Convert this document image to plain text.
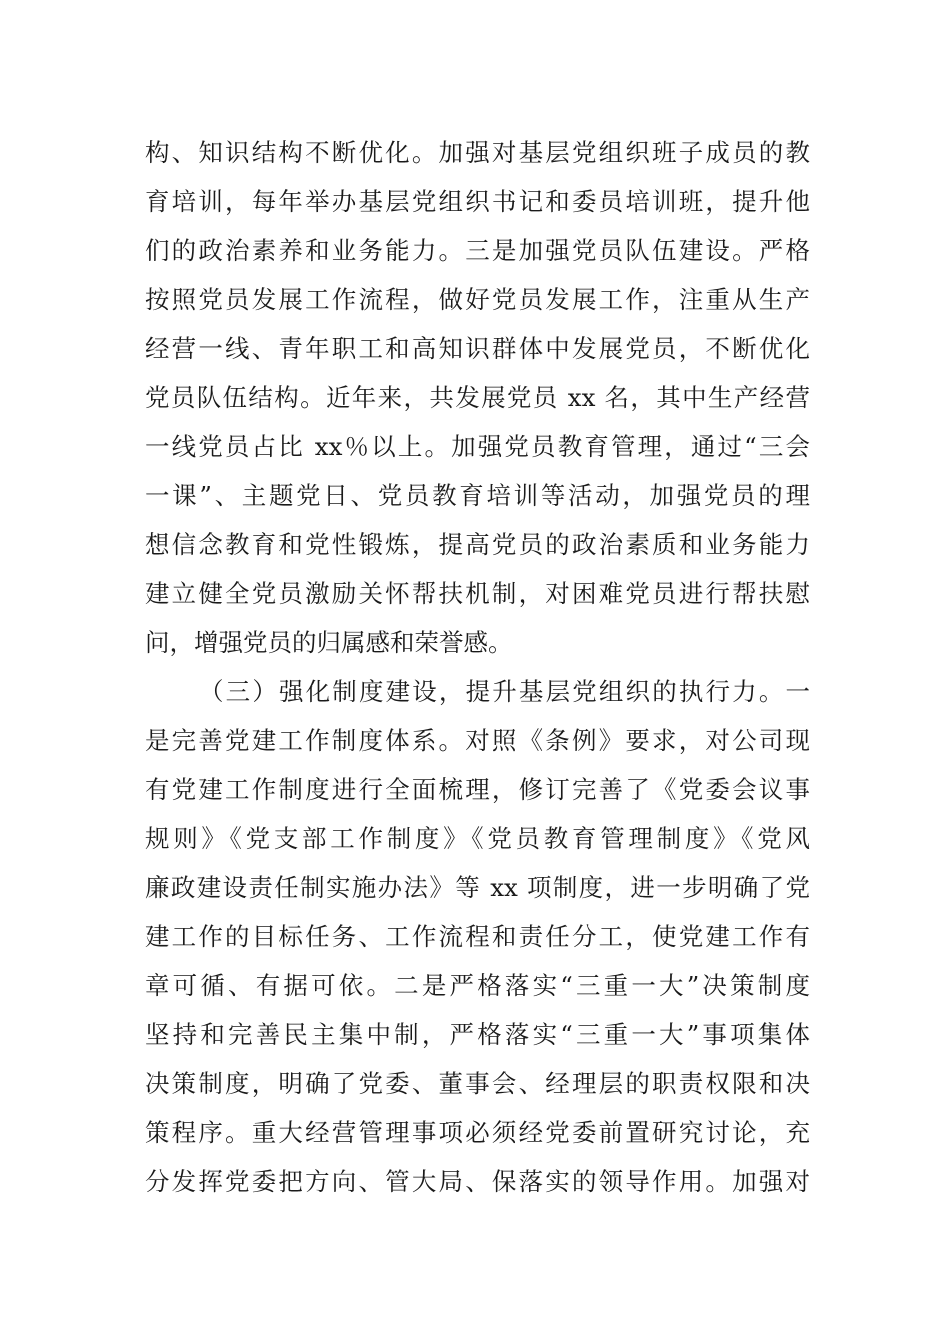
构、知识结构不断优化。加强对基层党组织班子成员的教
育培训，每年举办基层党组织书记和委员培训班，提升他
们的政治素养和业务能力。三是加强党员队伍建设。严格
按照党员发展工作流程，做好党员发展工作，注重从生产
经营一线、青年职工和高知识群体中发展党员，不断优化
党员队伍结构。近年来，共发展党员 xx 名，其中生产经营
一线党员占比 xx％以上。加强党员教育管理，通过“三会
一课”、主题党日、党员教育培训等活动，加强党员的理
想信念教育和党性锻炼，提高党员的政治素质和业务能力
建立健全党员激励关怀帮扶机制，对困难党员进行帮扶慰
问，增强党员的归属感和荣誉感。
（三）强化制度建设，提升基层党组织的执行力。一
是完善党建工作制度体系。对照《条例》要求，对公司现
有党建工作制度进行全面梳理，修订完善了《党委会议事
规则》《党支部工作制度》《党员教育管理制度》《党风
廉政建设责任制实施办法》等 xx 项制度，进一步明确了党
建工作的目标任务、工作流程和责任分工，使党建工作有
章可循、有据可依。二是严格落实“三重一大”决策制度
坚持和完善民主集中制，严格落实“三重一大”事项集体
决策制度，明确了党委、董事会、经理层的职责权限和决
策程序。重大经营管理事项必须经党委前置研究讨论，充
分发挥党委把方向、管大局、保落实的领导作用。加强对
